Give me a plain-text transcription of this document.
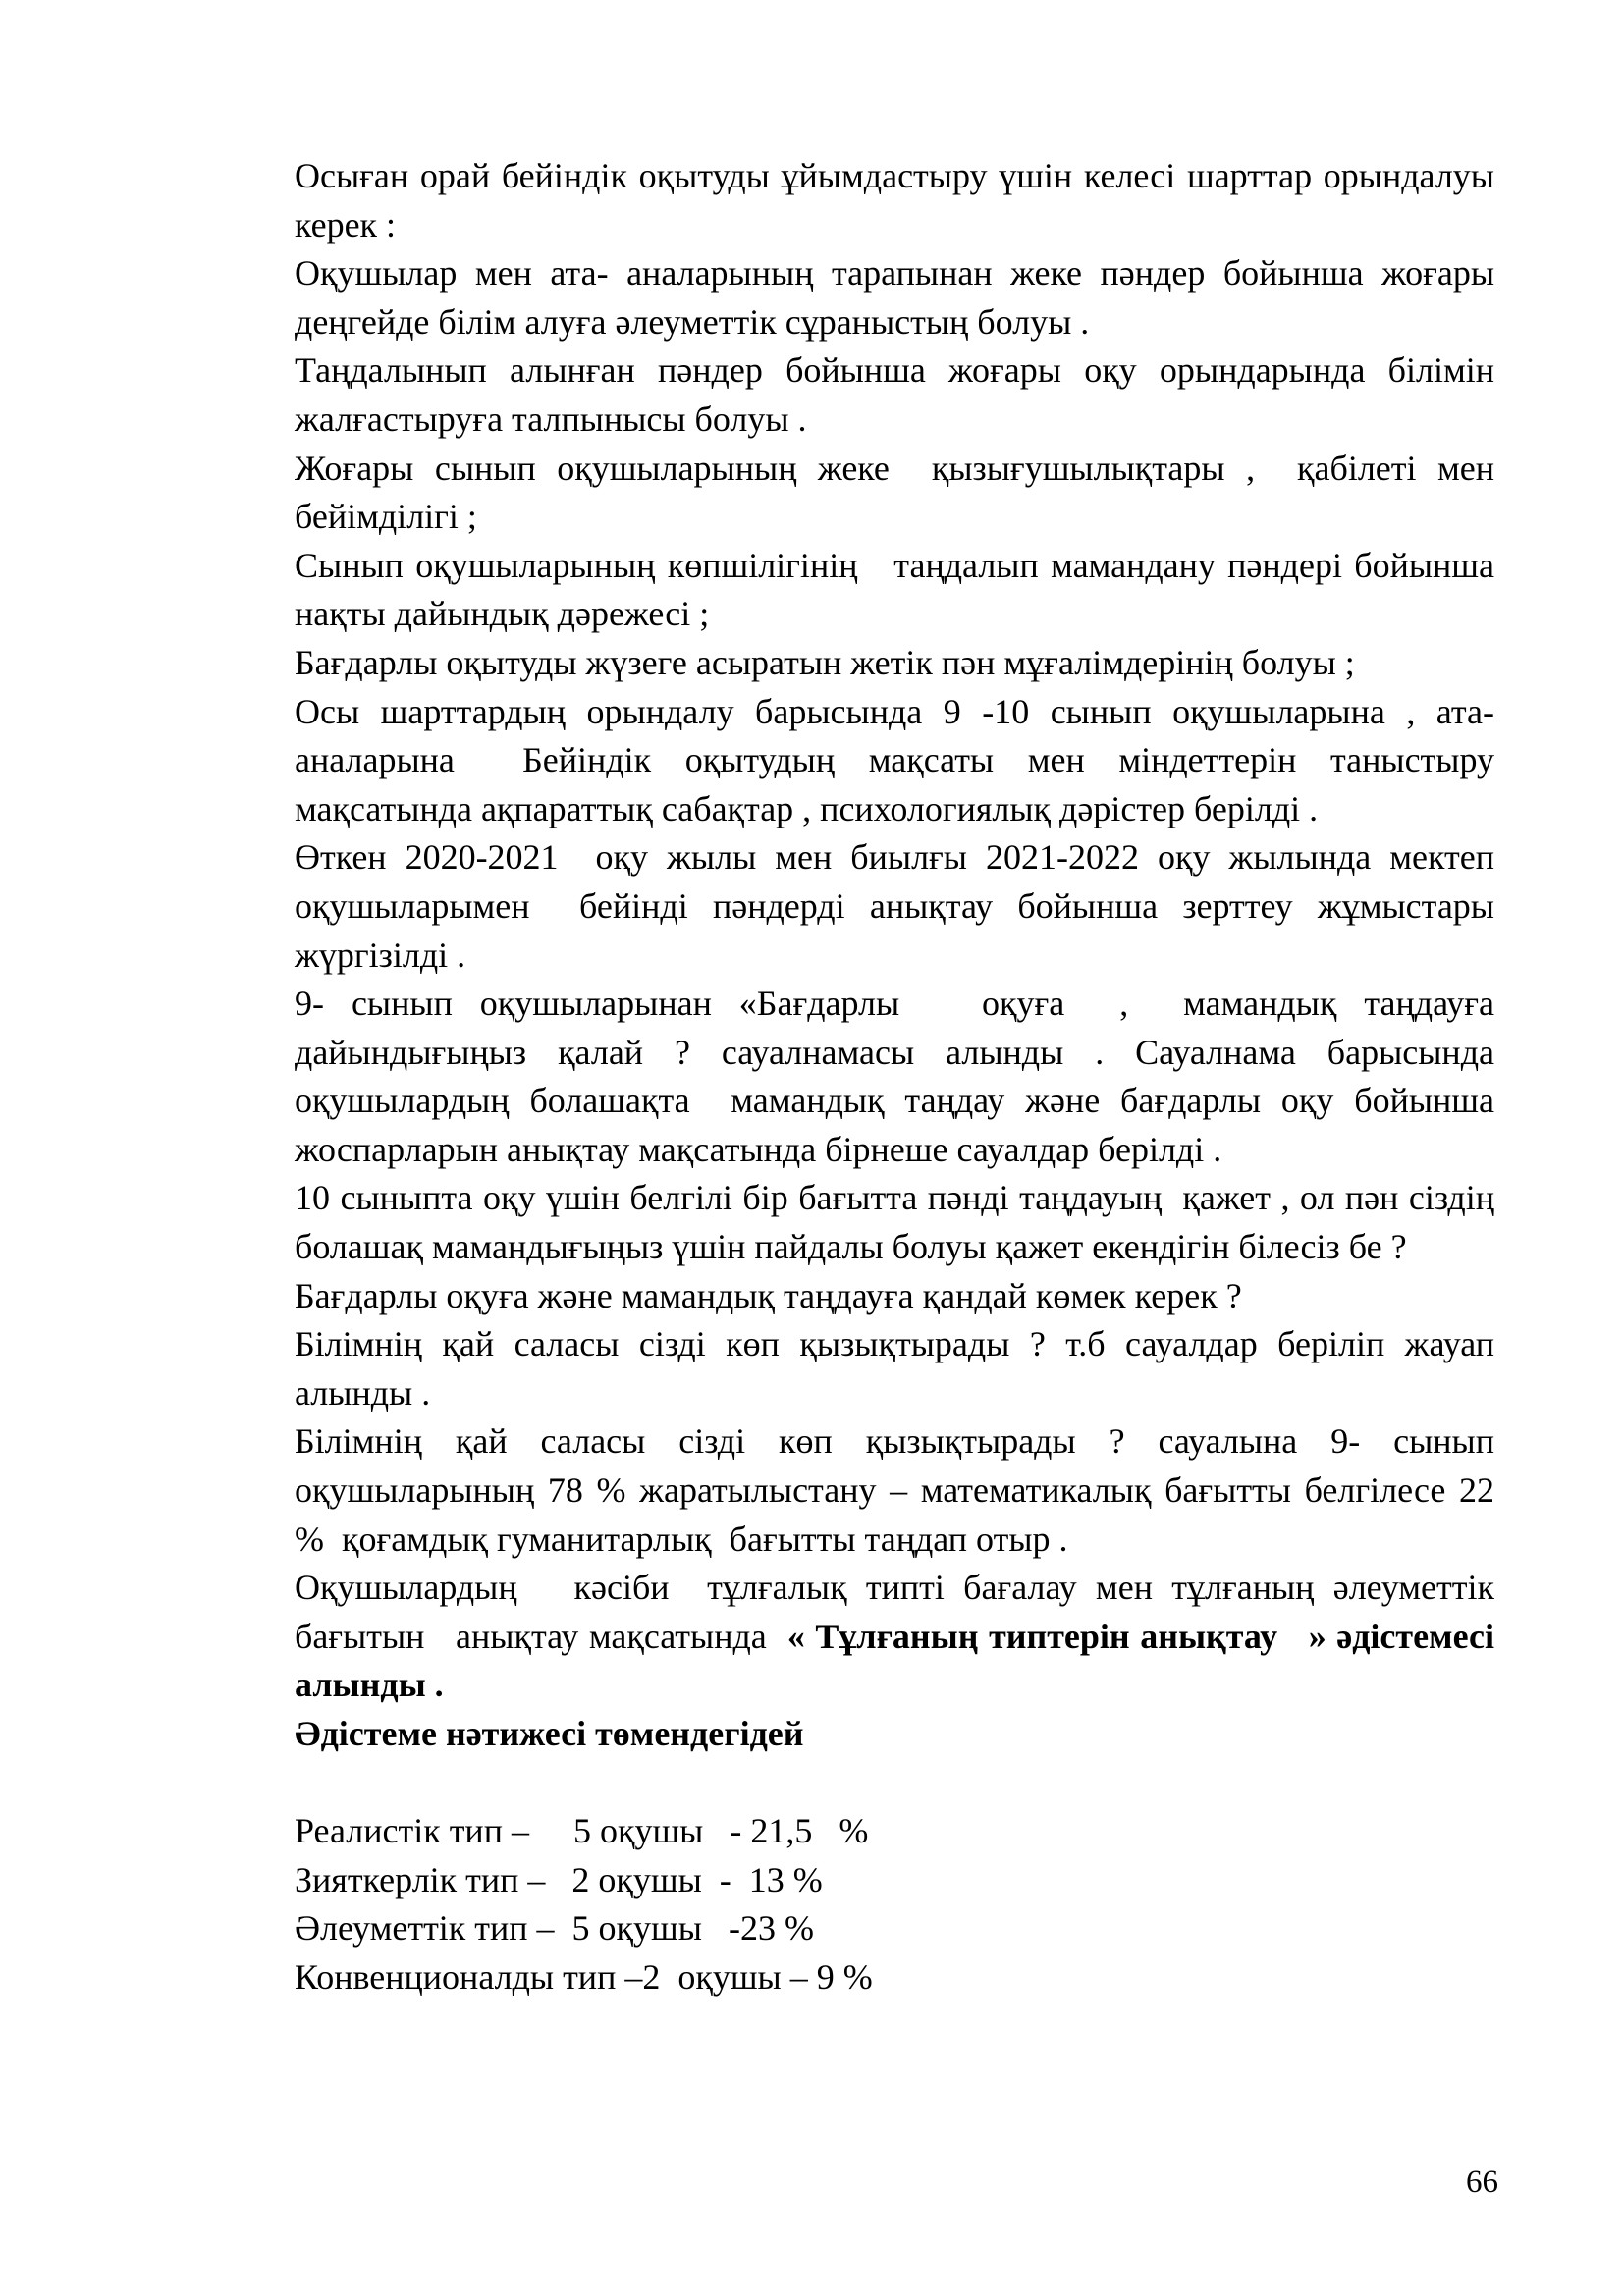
Осыған орай бейіндік оқытуды ұйымдастыру үшін келесі шарттар орындалуы  керек :

Оқушылар мен ата- аналарының тарапынан жеке пәндер бойынша жоғары деңгейде білім алуға әлеуметтік сұраныстың болуы .

Таңдалынып алынған пәндер бойынша жоғары оқу орындарында білімін жалғастыруға талпынысы болуы .

Жоғары сынып оқушыларының жеке  қызығушылықтары ,  қабілеті мен бейімділігі ;

Сынып оқушыларының көпшілігінің   таңдалып мамандану пәндері бойынша нақты дайындық дәрежесі ;

Бағдарлы оқытуды жүзеге асыратын жетік пән мұғалімдерінің болуы ;

Осы шарттардың орындалу барысында 9 -10 сынып оқушыларына , ата-аналарына  Бейіндік оқытудың мақсаты мен міндеттерін таныстыру мақсатында ақпараттық сабақтар , психологиялық дәрістер берілді .

Өткен 2020-2021  оқу жылы мен биылғы 2021-2022 оқу жылында мектеп оқушыларымен  бейінді пәндерді анықтау бойынша зерттеу жұмыстары жүргізілді .

9- сынып оқушыларынан «Бағдарлы   оқуға  ,  мамандық таңдауға дайындығыңыз қалай ? сауалнамасы алынды . Сауалнама барысында оқушылардың болашақта  мамандық таңдау және бағдарлы оқу бойынша жоспарларын анықтау мақсатында бірнеше сауалдар берілді .

10 сыныпта оқу үшін белгілі бір бағытта пәнді таңдауың  қажет , ол пән сіздің  болашақ мамандығыңыз үшін пайдалы болуы қажет екендігін білесіз бе ?

Бағдарлы оқуға және мамандық таңдауға қандай көмек керек ?

Білімнің қай саласы сізді көп қызықтырады ? т.б сауалдар беріліп жауап алынды .

Білімнің қай саласы сізді көп қызықтырады ? сауалына 9- сынып оқушыларының 78 % жаратылыстану – математикалық бағытты белгілесе 22 %  қоғамдық гуманитарлық  бағытты таңдап отыр .

Оқушылардың   кәсіби  тұлғалық типті бағалау мен тұлғаның әлеуметтік бағытын   анықтау мақсатында  « Тұлғаның типтерін анықтау   » әдістемесі алынды .

Әдістеме нәтижесі төмендегідей

Реалистік тип –     5 оқушы   - 21,5   %

Зияткерлік тип –   2 оқушы  -  13 %

Әлеуметтік тип –  5 оқушы   -23 %

Конвенционалды тип –2  оқушы – 9 %

66
